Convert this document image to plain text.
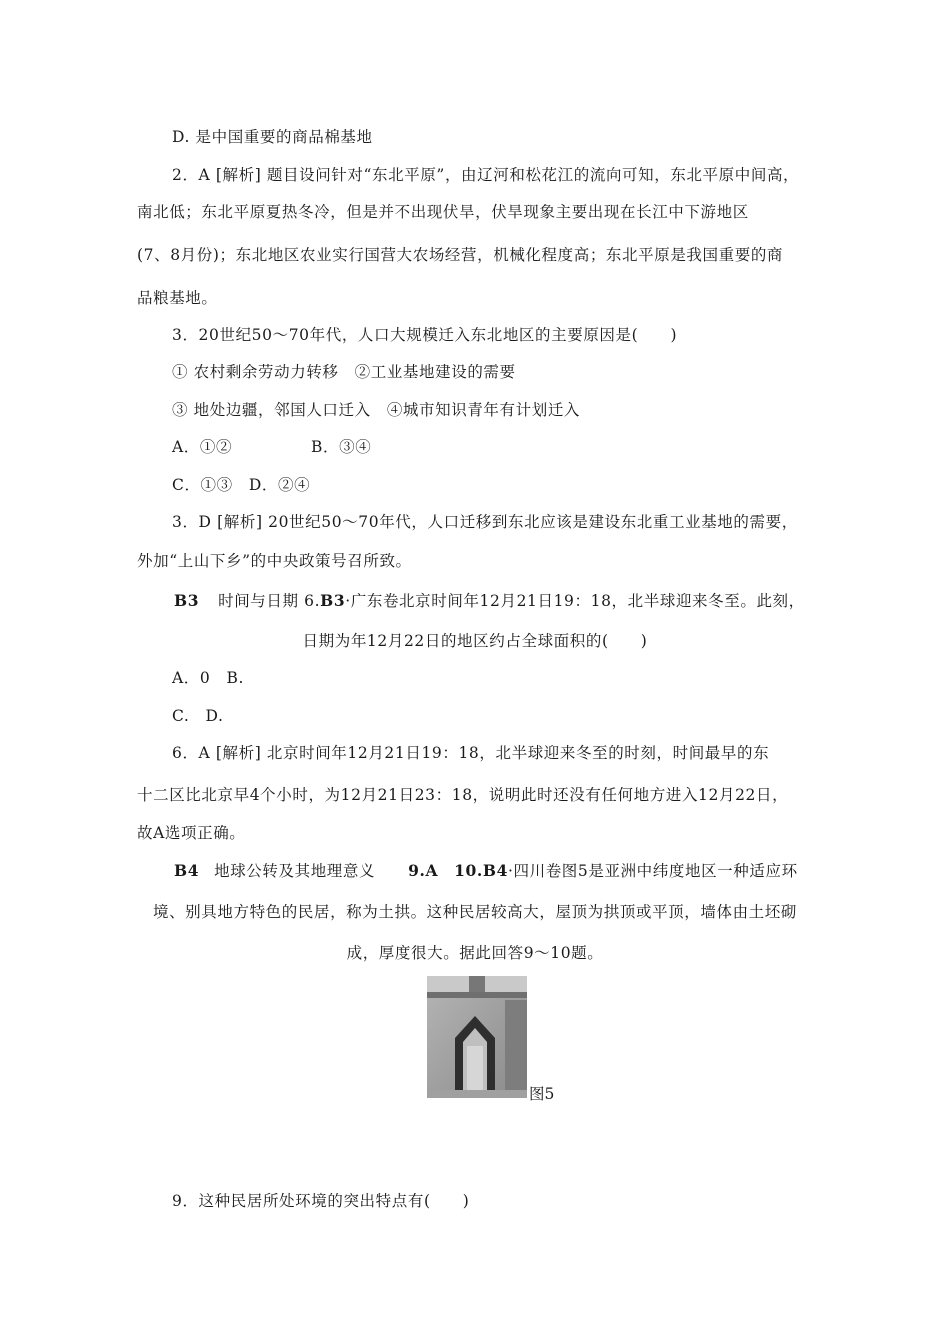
D. 是中国重要的商品棉基地
2．A [解析] 题目设问针对“东北平原”，由辽河和松花江的流向可知，东北平原中间高，
南北低；东北平原夏热冬冷，但是并不出现伏旱，伏旱现象主要出现在长江中下游地区
(7、8月份)；东北地区农业实行国营大农场经营，机械化程度高；东北平原是我国重要的商
品粮基地。
3．20世纪50～70年代，人口大规模迁入东北地区的主要原因是(　　)
① 农村剩余劳动力转移　②工业基地建设的需要
③ 地处边疆，邻国人口迁入　④城市知识青年有计划迁入
A．①②	B．③④
C．①③　D．②④
3．D [解析] 20世纪50～70年代，人口迁移到东北应该是建设东北重工业基地的需要，
外加“上山下乡”的中央政策号召所致。
B3 时间与日期 6.B3·广东卷北京时间年12月21日19：18，北半球迎来冬至。此刻，
日期为年12月22日的地区约占全球面积的(　　)
A．0　B.
C.　D.
6．A [解析] 北京时间年12月21日19：18，北半球迎来冬至的时刻，时间最早的东
十二区比北京早4个小时，为12月21日23：18，说明此时还没有任何地方进入12月22日，
故A选项正确。
B4 地球公转及其地理意义 9.A 10.B4·四川卷图5是亚洲中纬度地区一种适应环
境、别具地方特色的民居，称为土拱。这种民居较高大，屋顶为拱顶或平顶，墙体由土坯砌
成，厚度很大。据此回答9～10题。
图5
9．这种民居所处环境的突出特点有(　　)
